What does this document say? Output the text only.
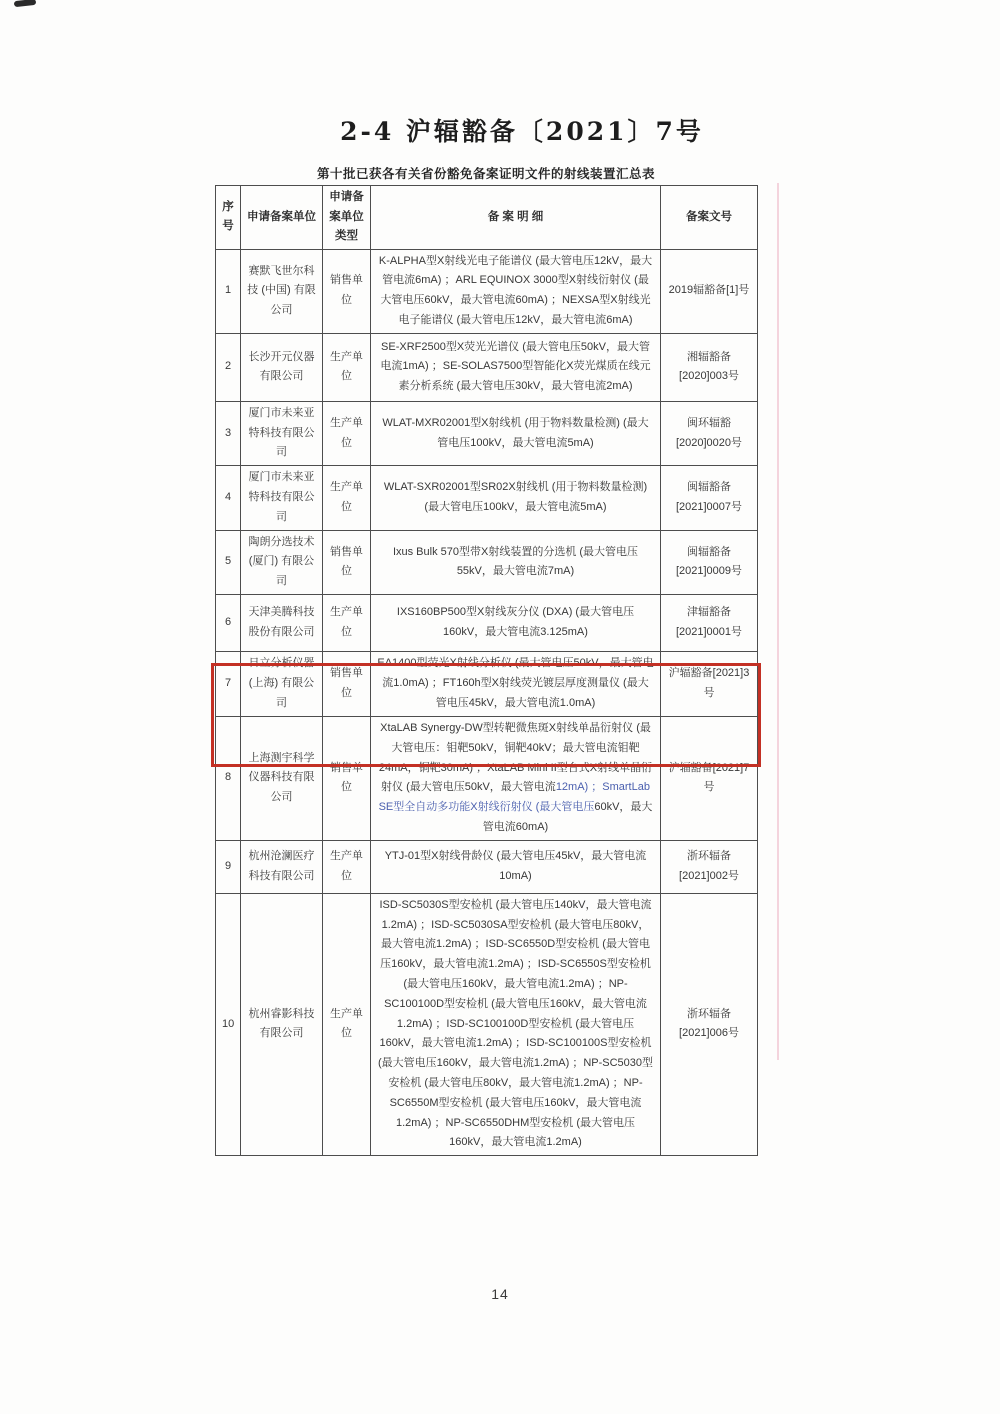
2-4 沪辐豁备〔2021〕7号
第十批已获各有关省份豁免备案证明文件的射线装置汇总表
序号	申请备案单位	申请备案单位类型	备 案 明 细	备案文号
1	赛默飞世尔科技 (中国) 有限公司	销售单位	K-ALPHA型X射线光电子能谱仪 (最大管电压12kV，最大管电流6mA) ；ARL EQUINOX 3000型X射线衍射仪 (最大管电压60kV，最大管电流60mA) ；NEXSA型X射线光电子能谱仪 (最大管电压12kV，最大管电流6mA)	2019辐豁备[1]号
2	长沙开元仪器有限公司	生产单位	SE-XRF2500型X荧光光谱仪 (最大管电压50kV，最大管电流1mA) ；SE-SOLAS7500型智能化X荧光煤质在线元素分析系统 (最大管电压30kV，最大管电流2mA)	湘辐豁备[2020]003号
3	厦门市未来亚特科技有限公司	生产单位	WLAT-MXR02001型X射线机 (用于物料数量检测) (最大管电压100kV，最大管电流5mA)	闽环辐豁[2020]0020号
4	厦门市未来亚特科技有限公司	生产单位	WLAT-SXR02001型SR02X射线机 (用于物料数量检测) (最大管电压100kV，最大管电流5mA)	闽辐豁备[2021]0007号
5	陶朗分选技术 (厦门) 有限公司	销售单位	Ixus Bulk 570型带X射线装置的分选机 (最大管电压55kV，最大管电流7mA)	闽辐豁备[2021]0009号
6	天津美腾科技股份有限公司	生产单位	IXS160BP500型X射线灰分仪 (DXA) (最大管电压160kV，最大管电流3.125mA)	津辐豁备[2021]0001号
7	日立分析仪器 (上海) 有限公司	销售单位	EA1400型荧光X射线分析仪 (最大管电压50kV，最大管电流1.0mA) ；FT160h型X射线荧光镀层厚度测量仪 (最大管电压45kV，最大管电流1.0mA)	沪辐豁备[2021]3号
8	上海测宇科学仪器科技有限公司	销售单位	XtaLAB Synergy-DW型转靶微焦斑X射线单晶衍射仪 (最大管电压：钼靶50kV，铜靶40kV；最大管电流钼靶24mA，铜靶30mA) ；XtaLAB Mini II型台式X射线单晶衍射仪 (最大管电压50kV，最大管电流12mA) ；SmartLab SE型全自动多功能X射线衍射仪 (最大管电压60kV，最大管电流60mA)	沪辐豁备[2021]7号
9	杭州沧澜医疗科技有限公司	生产单位	YTJ-01型X射线骨龄仪 (最大管电压45kV，最大管电流10mA)	浙环辐备[2021]002号
10	杭州睿影科技有限公司	生产单位	ISD-SC5030S型安检机 (最大管电压140kV，最大管电流1.2mA) ；ISD-SC5030SA型安检机 (最大管电压80kV，最大管电流1.2mA) ；ISD-SC6550D型安检机 (最大管电压160kV，最大管电流1.2mA) ；ISD-SC6550S型安检机 (最大管电压160kV，最大管电流1.2mA) ；NP-SC100100D型安检机 (最大管电压160kV，最大管电流1.2mA) ；ISD-SC100100D型安检机 (最大管电压160kV，最大管电流1.2mA) ；ISD-SC100100S型安检机 (最大管电压160kV，最大管电流1.2mA) ；NP-SC5030型安检机 (最大管电压80kV，最大管电流1.2mA) ；NP-SC6550M型安检机 (最大管电压160kV，最大管电流1.2mA) ；NP-SC6550DHM型安检机 (最大管电压160kV，最大管电流1.2mA)	浙环辐备[2021]006号
14
